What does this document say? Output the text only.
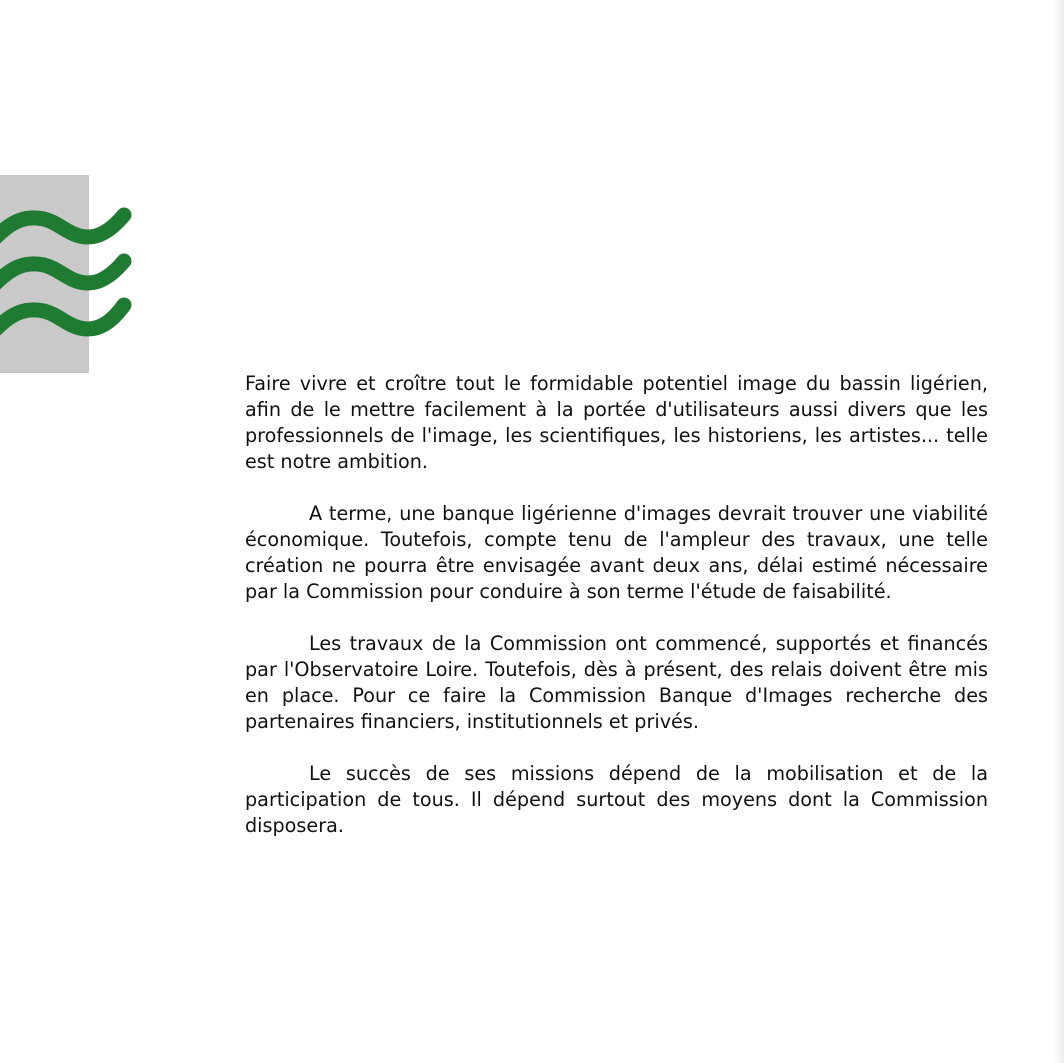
Faire vivre et croître tout le formidable potentiel image du bassin ligérien, afin de le mettre facilement à la portée d'utilisateurs aussi divers que les professionnels de l'image, les scientifiques, les historiens, les artistes... telle est notre ambition.

A terme, une banque ligérienne d'images devrait trouver une viabilité économique. Toutefois, compte tenu de l'ampleur des travaux, une telle création ne pourra être envisagée avant deux ans, délai estimé nécessaire par la Commission pour conduire à son terme l'étude de faisabilité.

Les travaux de la Commission ont commencé, supportés et financés par l'Observatoire Loire. Toutefois, dès à présent, des relais doivent être mis en place. Pour ce faire la Commission Banque d'Images recherche des partenaires financiers, institutionnels et privés.

Le succès de ses missions dépend de la mobilisation et de la participation de tous. Il dépend surtout des moyens dont la Commission disposera.
